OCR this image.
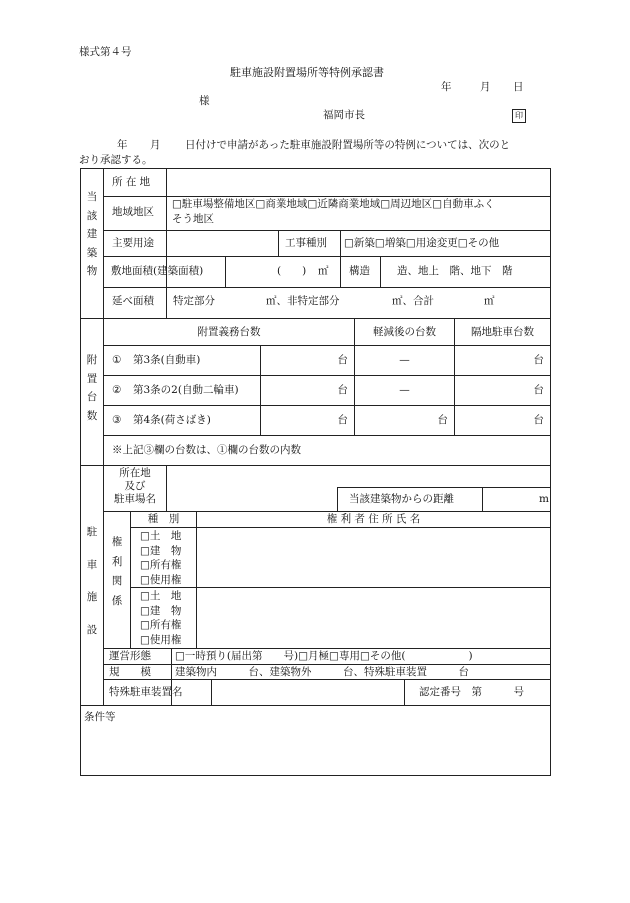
様式第４号
駐車施設附置場所等特例承認書
年	月 日
様
福岡市長	印
年 月 日付けで申請があった駐車施設附置場所等の特例については、次のと
おり承認する。
当
該
建
築
物
所 在 地
地域地区
□駐車場整備地区□商業地域□近隣商業地域□周辺地区□自動車ふく
そう地区
主要用途	工事種別 □新築□増築□用途変更□その他
敷地面積(建築面積)	(　　) ㎡ 構造	造、地上　階、地下　階
延べ面積 特定部分	㎡、非特定部分	㎡、合計	㎡
附
置
台
数
附置義務台数	軽減後の台数	隔地駐車台数
① 第3条(自動車)	台	—	台
② 第3条の2(自動二輪車)	台	—	台
③ 第4条(荷さばき)	台	台	台
※上記③欄の台数は、①欄の台数の内数
駐
車
施
設
所在地
及び
駐車場名	当該建築物からの距離	m
権
利
関
係
種　別	権 利 者 住 所 氏 名
□土　地
□建　物
□所有権
□使用権
□土　地
□建　物
□所有権
□使用権
運営形態 □一時預り(届出第　　号)□月極□専用□その他(　　　　　　)
規　　模 建築物内　　　台、建築物外　　　台、特殊駐車装置　　　台
特殊駐車装置名	認定番号　第　　　号
条件等
